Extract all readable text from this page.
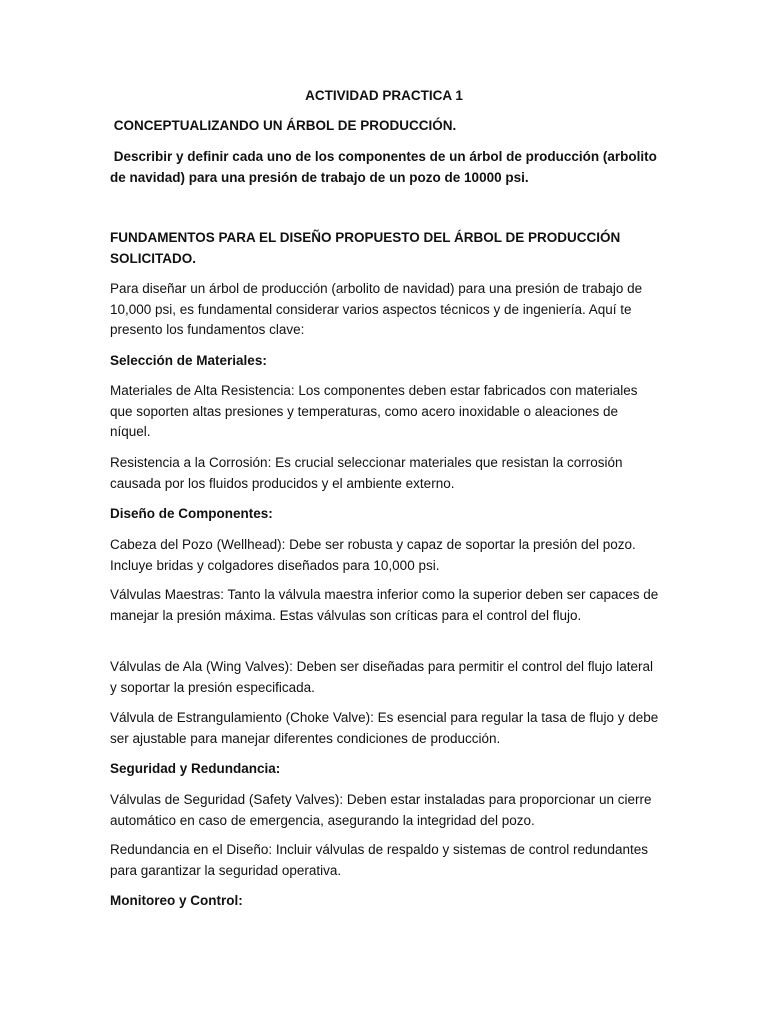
ACTIVIDAD PRACTICA 1

CONCEPTUALIZANDO UN ÁRBOL DE PRODUCCIÓN.

Describir y definir cada uno de los componentes de un árbol de producción (arbolito de navidad) para una presión de trabajo de un pozo de 10000 psi.

FUNDAMENTOS PARA EL DISEÑO PROPUESTO DEL ÁRBOL DE PRODUCCIÓN SOLICITADO.

Para diseñar un árbol de producción (arbolito de navidad) para una presión de trabajo de 10,000 psi, es fundamental considerar varios aspectos técnicos y de ingeniería. Aquí te presento los fundamentos clave:

Selección de Materiales:

Materiales de Alta Resistencia: Los componentes deben estar fabricados con materiales que soporten altas presiones y temperaturas, como acero inoxidable o aleaciones de níquel.

Resistencia a la Corrosión: Es crucial seleccionar materiales que resistan la corrosión causada por los fluidos producidos y el ambiente externo.

Diseño de Componentes:

Cabeza del Pozo (Wellhead): Debe ser robusta y capaz de soportar la presión del pozo. Incluye bridas y colgadores diseñados para 10,000 psi.

Válvulas Maestras: Tanto la válvula maestra inferior como la superior deben ser capaces de manejar la presión máxima. Estas válvulas son críticas para el control del flujo.

Válvulas de Ala (Wing Valves): Deben ser diseñadas para permitir el control del flujo lateral y soportar la presión especificada.

Válvula de Estrangulamiento (Choke Valve): Es esencial para regular la tasa de flujo y debe ser ajustable para manejar diferentes condiciones de producción.

Seguridad y Redundancia:

Válvulas de Seguridad (Safety Valves): Deben estar instaladas para proporcionar un cierre automático en caso de emergencia, asegurando la integridad del pozo.

Redundancia en el Diseño: Incluir válvulas de respaldo y sistemas de control redundantes para garantizar la seguridad operativa.

Monitoreo y Control:
